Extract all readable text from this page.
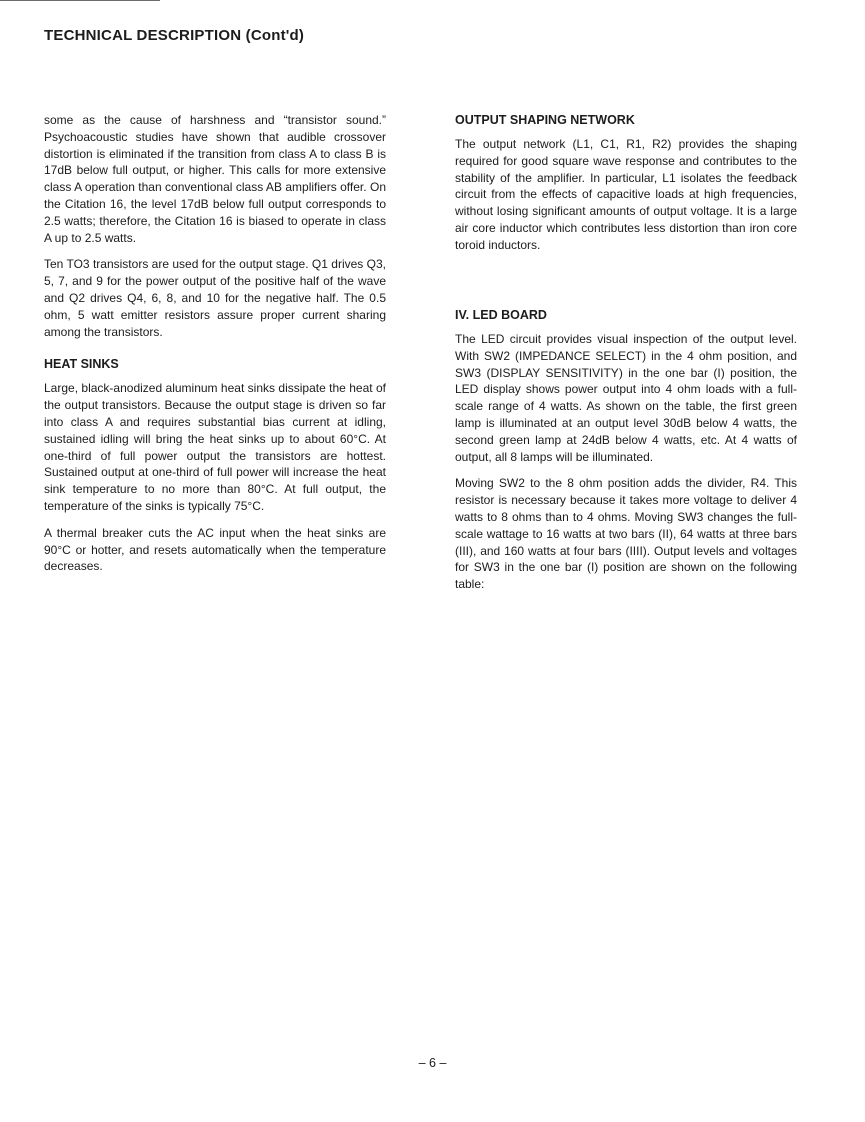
TECHNICAL DESCRIPTION (Cont'd)

some as the cause of harshness and “transistor sound.” Psychoacoustic studies have shown that audible crossover distortion is eliminated if the transition from class A to class B is 17dB below full output, or higher. This calls for more extensive class A operation than conventional class AB amplifiers offer. On the Citation 16, the level 17dB below full output corresponds to 2.5 watts; therefore, the Citation 16 is biased to operate in class A up to 2.5 watts.

Ten TO3 transistors are used for the output stage. Q1 drives Q3, 5, 7, and 9 for the power output of the positive half of the wave and Q2 drives Q4, 6, 8, and 10 for the negative half. The 0.5 ohm, 5 watt emitter resistors assure proper current sharing among the transistors.

HEAT SINKS

Large, black-anodized aluminum heat sinks dissipate the heat of the output transistors. Because the output stage is driven so far into class A and requires substantial bias current at idling, sustained idling will bring the heat sinks up to about 60°C. At one-third of full power output the transistors are hottest. Sustained output at one-third of full power will increase the heat sink temperature to no more than 80°C. At full output, the temperature of the sinks is typically 75°C.

A thermal breaker cuts the AC input when the heat sinks are 90°C or hotter, and resets automatically when the temperature decreases.

OUTPUT SHAPING NETWORK

The output network (L1, C1, R1, R2) provides the shaping required for good square wave response and contributes to the stability of the amplifier. In particular, L1 isolates the feedback circuit from the effects of capacitive loads at high frequencies, without losing significant amounts of output voltage. It is a large air core inductor which contributes less distortion than iron core toroid inductors.

IV. LED BOARD

The LED circuit provides visual inspection of the output level. With SW2 (IMPEDANCE SELECT) in the 4 ohm position, and SW3 (DISPLAY SENSITIVITY) in the one bar (I) position, the LED display shows power output into 4 ohm loads with a full-scale range of 4 watts. As shown on the table, the first green lamp is illuminated at an output level 30dB below 4 watts, the second green lamp at 24dB below 4 watts, etc. At 4 watts of output, all 8 lamps will be illuminated.

Moving SW2 to the 8 ohm position adds the divider, R4. This resistor is necessary because it takes more voltage to deliver 4 watts to 8 ohms than to 4 ohms. Moving SW3 changes the full-scale wattage to 16 watts at two bars (II), 64 watts at three bars (III), and 160 watts at four bars (IIII). Output levels and voltages for SW3 in the one bar (I) position are shown on the following table:

– 6 –
